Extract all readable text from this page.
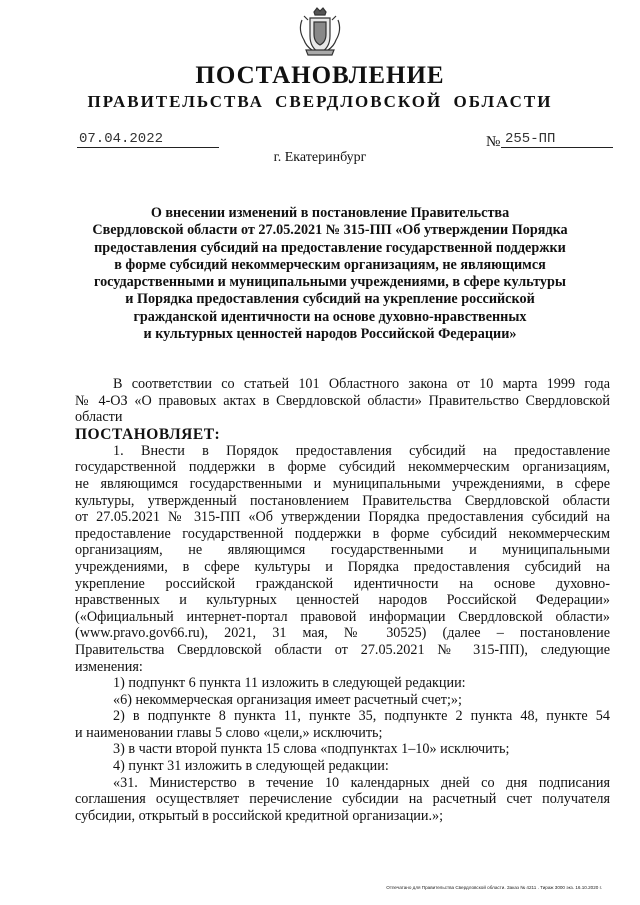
ПОСТАНОВЛЕНИЕ
ПРАВИТЕЛЬСТВА СВЕРДЛОВСКОЙ ОБЛАСТИ
07.04.2022	№ 255-ПП
г. Екатеринбург
О внесении изменений в постановление Правительства
Свердловской области от 27.05.2021 № 315-ПП «Об утверждении Порядка
предоставления субсидий на предоставление государственной поддержки
в форме субсидий некоммерческим организациям, не являющимся
государственными и муниципальными учреждениями, в сфере культуры
и Порядка предоставления субсидий на укрепление российской
гражданской идентичности на основе духовно-нравственных
и культурных ценностей народов Российской Федерации»
В соответствии со статьей 101 Областного закона от 10 марта 1999 года
№ 4-ОЗ «О правовых актах в Свердловской области» Правительство Свердловской
области
ПОСТАНОВЛЯЕТ:
1. Внести в Порядок предоставления субсидий на предоставление
государственной поддержки в форме субсидий некоммерческим организациям,
не являющимся государственными и муниципальными учреждениями, в сфере
культуры, утвержденный постановлением Правительства Свердловской области
от 27.05.2021 № 315-ПП «Об утверждении Порядка предоставления субсидий на
предоставление государственной поддержки в форме субсидий некоммерческим
организациям, не являющимся государственными и муниципальными
учреждениями, в сфере культуры и Порядка предоставления субсидий на
укрепление российской гражданской идентичности на основе духовно-
нравственных и культурных ценностей народов Российской Федерации»
(«Официальный интернет-портал правовой информации Свердловской области»
(www.pravo.gov66.ru), 2021, 31 мая, № 30525) (далее – постановление
Правительства Свердловской области от 27.05.2021 № 315-ПП), следующие
изменения:
1) подпункт 6 пункта 11 изложить в следующей редакции:
«6) некоммерческая организация имеет расчетный счет;»;
2) в подпункте 8 пункта 11, пункте 35, подпункте 2 пункта 48, пункте 54
и наименовании главы 5 слово «цели,» исключить;
3) в части второй пункта 15 слова «подпунктах 1–10» исключить;
4) пункт 31 изложить в следующей редакции:
«31. Министерство в течение 10 календарных дней со дня подписания
соглашения осуществляет перечисление субсидии на расчетный счет получателя
субсидии, открытый в российской кредитной организации.»;
Отпечатано для Правительства Свердловской области. Заказ № 4211 . Тираж 3000 экз. 16.10.2020 г.
